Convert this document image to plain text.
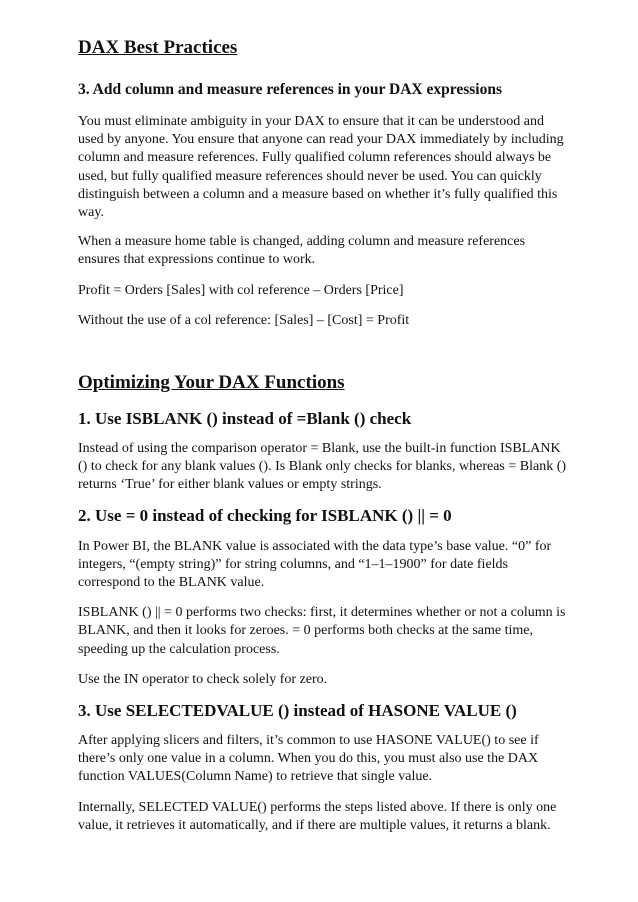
DAX Best Practices
3. Add column and measure references in your DAX expressions

You must eliminate ambiguity in your DAX to ensure that it can be understood and used by anyone. You ensure that anyone can read your DAX immediately by including column and measure references. Fully qualified column references should always be used, but fully qualified measure references should never be used. You can quickly distinguish between a column and a measure based on whether it’s fully qualified this way.

When a measure home table is changed, adding column and measure references ensures that expressions continue to work.

Profit = Orders [Sales] with col reference – Orders [Price]

Without the use of a col reference: [Sales] – [Cost] = Profit

Optimizing Your DAX Functions
1. Use ISBLANK () instead of =Blank () check

Instead of using the comparison operator = Blank, use the built-in function ISBLANK () to check for any blank values (). Is Blank only checks for blanks, whereas = Blank () returns ‘True’ for either blank values or empty strings.

2. Use = 0 instead of checking for ISBLANK () || = 0

In Power BI, the BLANK value is associated with the data type’s base value. “0” for integers, “(empty string)” for string columns, and “1–1–1900” for date fields correspond to the BLANK value.

ISBLANK () || = 0 performs two checks: first, it determines whether or not a column is BLANK, and then it looks for zeroes. = 0 performs both checks at the same time, speeding up the calculation process.

Use the IN operator to check solely for zero.

3. Use SELECTEDVALUE () instead of HASONE VALUE ()

After applying slicers and filters, it’s common to use HASONE VALUE() to see if there’s only one value in a column. When you do this, you must also use the DAX function VALUES(Column Name) to retrieve that single value.

Internally, SELECTED VALUE() performs the steps listed above. If there is only one value, it retrieves it automatically, and if there are multiple values, it returns a blank.
